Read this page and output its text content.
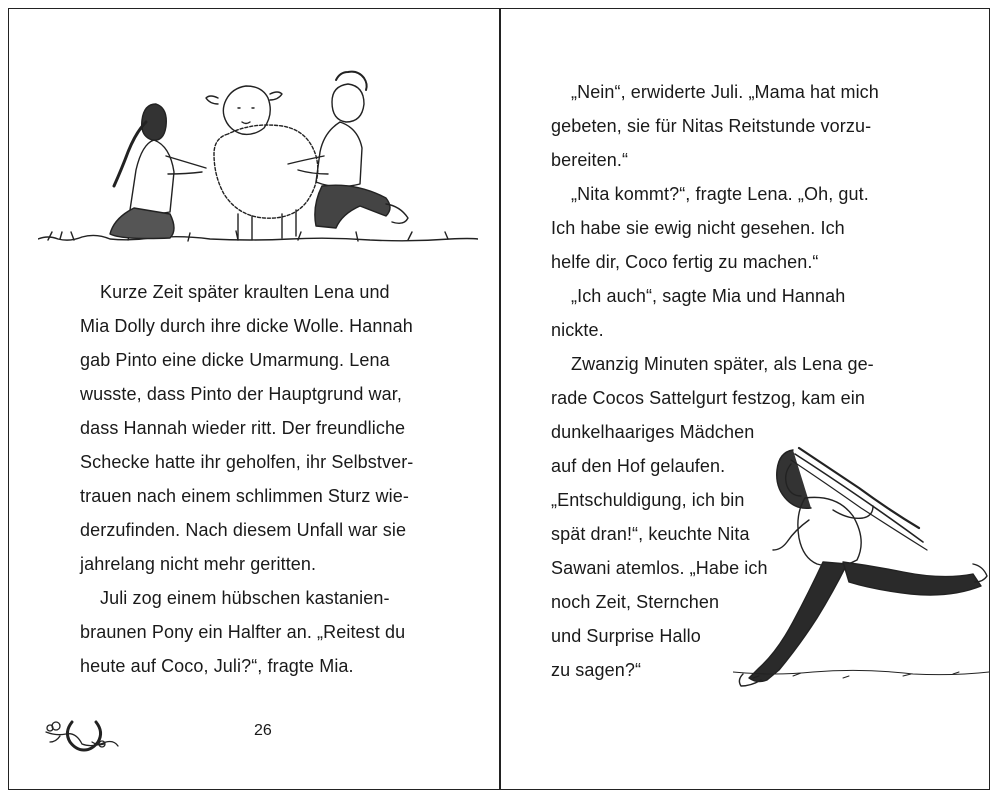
Kurze Zeit später kraulten Lena und
Mia Dolly durch ihre dicke Wolle. Hannah
gab Pinto eine dicke Umarmung. Lena
wusste, dass Pinto der Hauptgrund war,
dass Hannah wieder ritt. Der freundliche
Schecke hatte ihr geholfen, ihr Selbstver-
trauen nach einem schlimmen Sturz wie-
derzufinden. Nach diesem Unfall war sie
jahrelang nicht mehr geritten.
Juli zog einem hübschen kastanien-
braunen Pony ein Halfter an. „Reitest du
heute auf Coco, Juli?“, fragte Mia.
26
„Nein“, erwiderte Juli. „Mama hat mich
gebeten, sie für Nitas Reitstunde vorzu-
bereiten.“
„Nita kommt?“, fragte Lena. „Oh, gut.
Ich habe sie ewig nicht gesehen. Ich
helfe dir, Coco fertig zu machen.“
„Ich auch“, sagte Mia und Hannah
nickte.
Zwanzig Minuten später, als Lena ge-
rade Cocos Sattelgurt festzog, kam ein
dunkelhaariges Mädchen
auf den Hof gelaufen.
„Entschuldigung, ich bin
spät dran!“, keuchte Nita
Sawani atemlos. „Habe ich
noch Zeit, Sternchen
und Surprise Hallo
zu sagen?“
